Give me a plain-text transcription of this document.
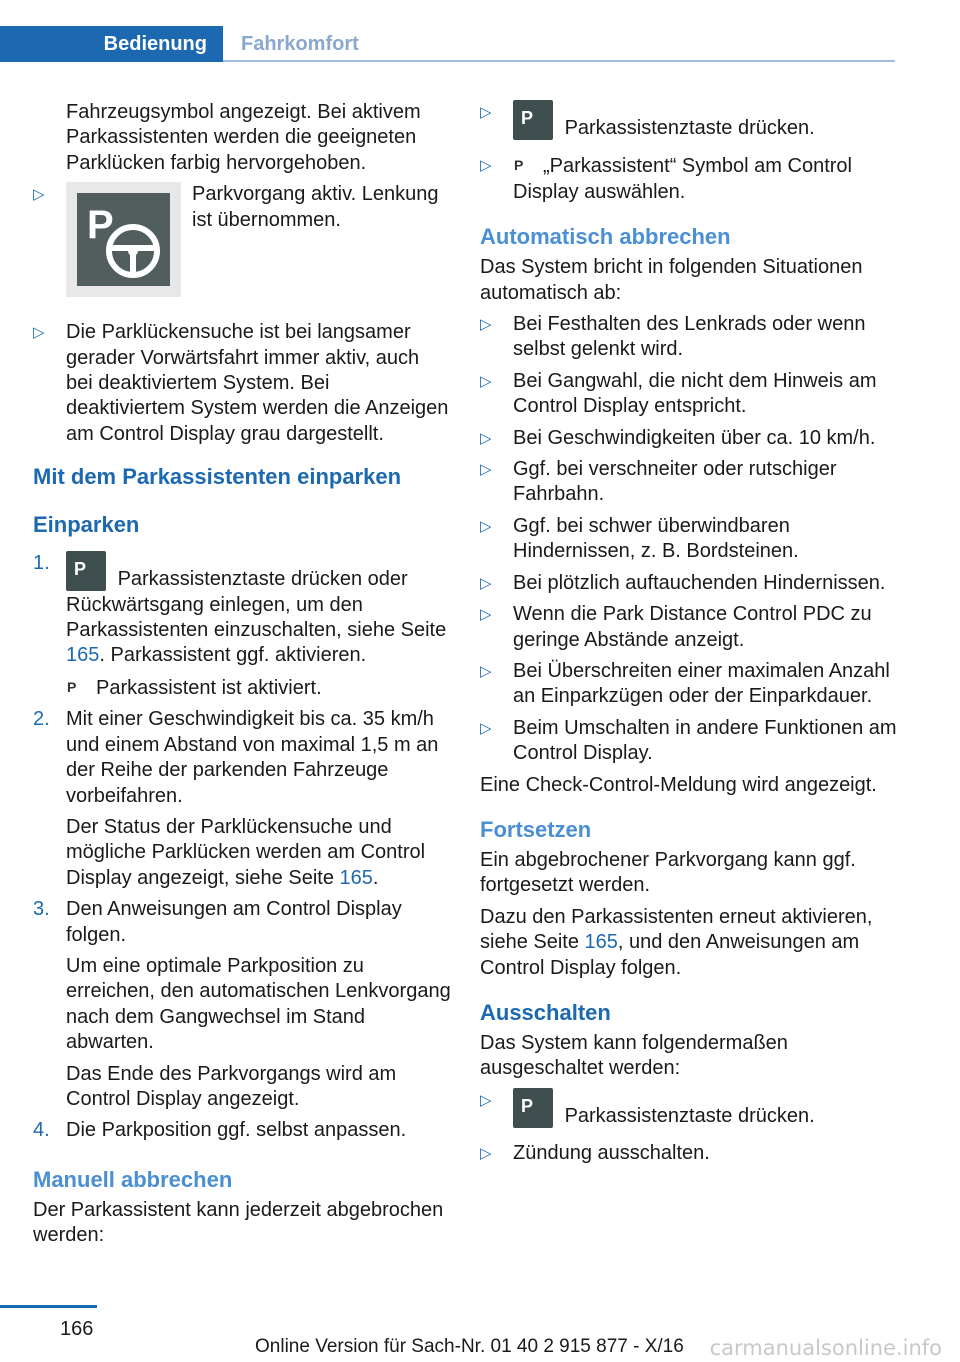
Bedienung	Fahrkomfort

Fahrzeugsymbol angezeigt. Bei aktivem Parkassistenten werden die geeigneten Parklücken farbig hervorgehoben.

▷
P
Parkvorgang aktiv. Lenkung ist übernommen.
▷ Die Parklückensuche ist bei langsamer gerader Vorwärtsfahrt immer aktiv, auch bei deaktiviertem System. Bei deaktiviertem System werden die Anzeigen am Control Display grau dargestellt.
Mit dem Parkassistenten einparken
Einparken
1. P Parkassistenztaste drücken oder Rückwärtsgang einlegen, um den Parkassistenten einzuschalten, siehe Seite 165. Parkassistent ggf. aktivieren.

P Parkassistent ist aktiviert.

2. Mit einer Geschwindigkeit bis ca. 35 km/h und einem Abstand von maximal 1,5 m an der Reihe der parkenden Fahrzeuge vorbeifahren.

Der Status der Parklückensuche und mögliche Parklücken werden am Control Display angezeigt, siehe Seite 165.

3. Den Anweisungen am Control Display folgen.

Um eine optimale Parkposition zu erreichen, den automatischen Lenkvorgang nach dem Gangwechsel im Stand abwarten.

Das Ende des Parkvorgangs wird am Control Display angezeigt.

4. Die Parkposition ggf. selbst anpassen.
Manuell abbrechen

Der Parkassistent kann jederzeit abgebrochen werden:

▷ P Parkassistenztaste drücken.
▷ P „Parkassistent“ Symbol am Control Display auswählen.
Automatisch abbrechen

Das System bricht in folgenden Situationen automatisch ab:

▷ Bei Festhalten des Lenkrads oder wenn selbst gelenkt wird.
▷ Bei Gangwahl, die nicht dem Hinweis am Control Display entspricht.
▷ Bei Geschwindigkeiten über ca. 10 km/h.
▷ Ggf. bei verschneiter oder rutschiger Fahrbahn.
▷ Ggf. bei schwer überwindbaren Hindernissen, z. B. Bordsteinen.
▷ Bei plötzlich auftauchenden Hindernissen.
▷ Wenn die Park Distance Control PDC zu geringe Abstände anzeigt.
▷ Bei Überschreiten einer maximalen Anzahl an Einparkzügen oder der Einparkdauer.
▷ Beim Umschalten in andere Funktionen am Control Display.

Eine Check-Control-Meldung wird angezeigt.

Fortsetzen

Ein abgebrochener Parkvorgang kann ggf. fortgesetzt werden.

Dazu den Parkassistenten erneut aktivieren, siehe Seite 165, und den Anweisungen am Control Display folgen.

Ausschalten

Das System kann folgendermaßen ausgeschaltet werden:

▷ P Parkassistenztaste drücken.
▷ Zündung ausschalten.
166
Online Version für Sach-Nr. 01 40 2 915 877 - X/16 carmanualsonline.info
